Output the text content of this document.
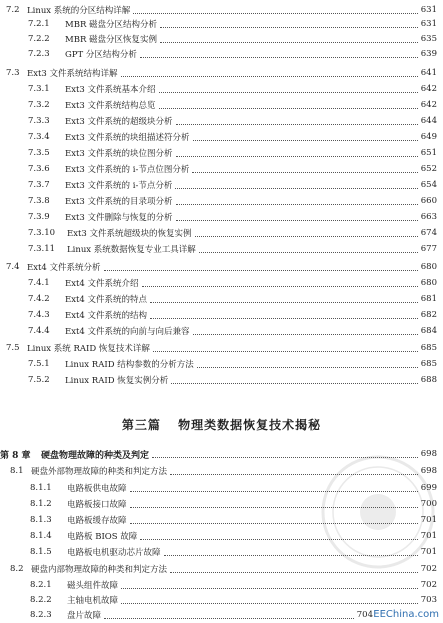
7.2 Linux 系统的分区结构详解	631
7.2.1	MBR 磁盘分区结构分析	631
7.2.2	MBR 磁盘分区恢复实例	635
7.2.3	GPT 分区结构分析	639
7.3 Ext3 文件系统结构详解	641
7.3.1	Ext3 文件系统基本介绍	642
7.3.2	Ext3 文件系统结构总览	642
7.3.3	Ext3 文件系统的超级块分析	644
7.3.4	Ext3 文件系统的块组描述符分析	649
7.3.5	Ext3 文件系统的块位图分析	651
7.3.6	Ext3 文件系统的 i-节点位图分析	652
7.3.7	Ext3 文件系统的 i-节点分析	654
7.3.8	Ext3 文件系统的目录项分析	660
7.3.9	Ext3 文件删除与恢复的分析	663
7.3.10	Ext3 文件系统超级块的恢复实例	674
7.3.11	Linux 系统数据恢复专业工具详解	677
7.4 Ext4 文件系统分析	680
7.4.1	Ext4 文件系统介绍	680
7.4.2	Ext4 文件系统的特点	681
7.4.3	Ext4 文件系统的结构	682
7.4.4	Ext4 文件系统的向前与向后兼容	684
7.5 Linux 系统 RAID 恢复技术详解	685
7.5.1	Linux RAID 结构参数的分析方法	685
7.5.2	Linux RAID 恢复实例分析	688
第三篇 物理类数据恢复技术揭秘
第 8 章	硬盘物理故障的种类及判定	698
8.1 硬盘外部物理故障的种类和判定方法	698
8.1.1	电路板供电故障	699
8.1.2	电路板接口故障	700
8.1.3	电路板缓存故障	701
8.1.4	电路板 BIOS 故障	701
8.1.5	电路板电机驱动芯片故障	701
8.2 硬盘内部物理故障的种类和判定方法	702
8.2.1	磁头组件故障	702
8.2.2	主轴电机故障	703
8.2.3	盘片故障	704 EEChina.com
